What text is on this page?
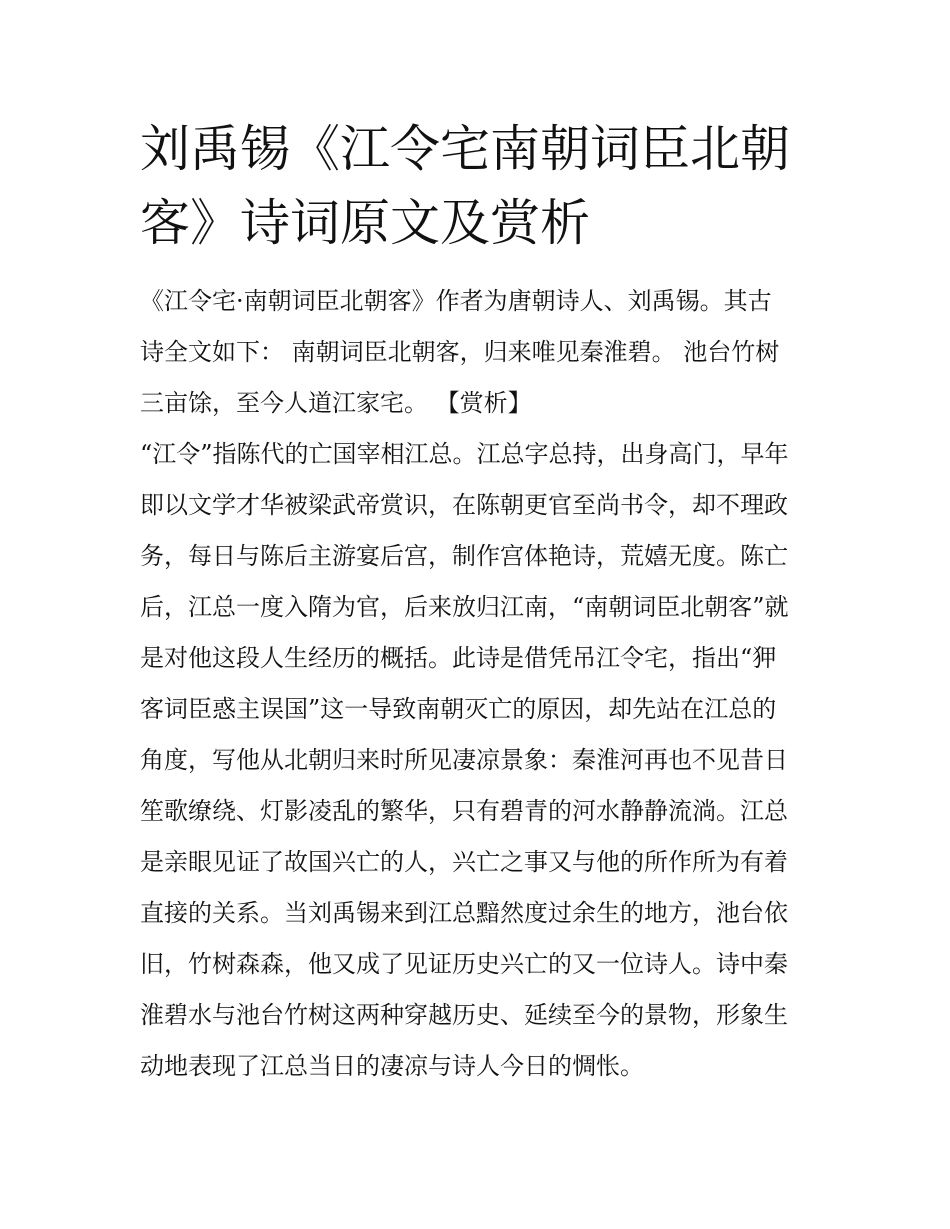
刘禹锡《江令宅南朝词臣北朝
客》诗词原文及赏析
《江令宅·南朝词臣北朝客》作者为唐朝诗人、刘禹锡。其古
诗全文如下： 南朝词臣北朝客，归来唯见秦淮碧。 池台竹树
三亩馀，至今人道江家宅。 【赏析】
“江令”指陈代的亡国宰相江总。江总字总持，出身高门，早年
即以文学才华被梁武帝赏识，在陈朝更官至尚书令，却不理政
务，每日与陈后主游宴后宫，制作宫体艳诗，荒嬉无度。陈亡
后，江总一度入隋为官，后来放归江南，“南朝词臣北朝客”就
是对他这段人生经历的概括。此诗是借凭吊江令宅，指出“狎
客词臣惑主误国”这一导致南朝灭亡的原因，却先站在江总的
角度，写他从北朝归来时所见凄凉景象：秦淮河再也不见昔日
笙歌缭绕、灯影凌乱的繁华，只有碧青的河水静静流淌。江总
是亲眼见证了故国兴亡的人，兴亡之事又与他的所作所为有着
直接的关系。当刘禹锡来到江总黯然度过余生的地方，池台依
旧，竹树森森，他又成了见证历史兴亡的又一位诗人。诗中秦
淮碧水与池台竹树这两种穿越历史、延续至今的景物，形象生
动地表现了江总当日的凄凉与诗人今日的惆怅。
